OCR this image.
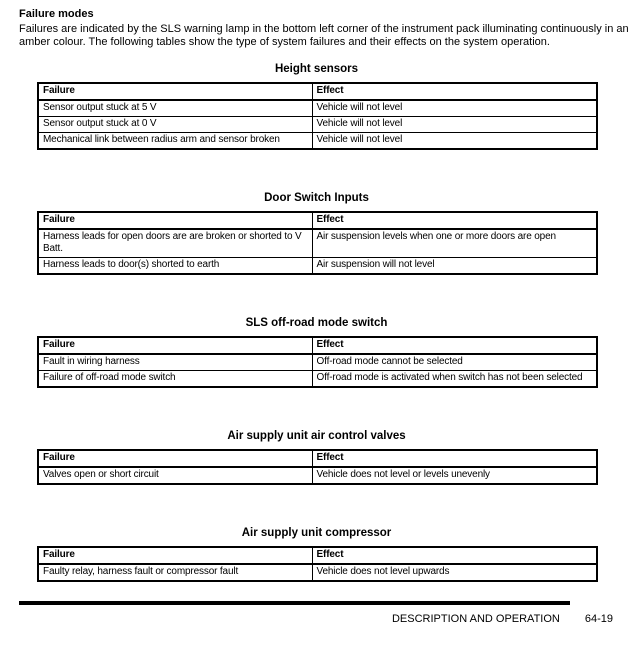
Failure modes

Failures are indicated by the SLS warning lamp in the bottom left corner of the instrument pack illuminating continuously in an amber colour. The following tables show the type of system failures and their effects on the system operation.

Height sensors
Failure	Effect
Sensor output stuck at 5 V	Vehicle will not level
Sensor output stuck at 0 V	Vehicle will not level
Mechanical link between radius arm and sensor broken	Vehicle will not level
Door Switch Inputs
Failure	Effect
Harness leads for open doors are are broken or shorted to V Batt.	Air suspension levels when one or more doors are open
Harness leads to door(s) shorted to earth	Air suspension will not level
SLS off-road mode switch
Failure	Effect
Fault in wiring harness	Off-road mode cannot be selected
Failure of off-road mode switch	Off-road mode is activated when switch has not been selected
Air supply unit air control valves
Failure	Effect
Valves open or short circuit	Vehicle does not level or levels unevenly
Air supply unit compressor
Failure	Effect
Faulty relay, harness fault or compressor fault	Vehicle does not level upwards
DESCRIPTION AND OPERATION 64-19
